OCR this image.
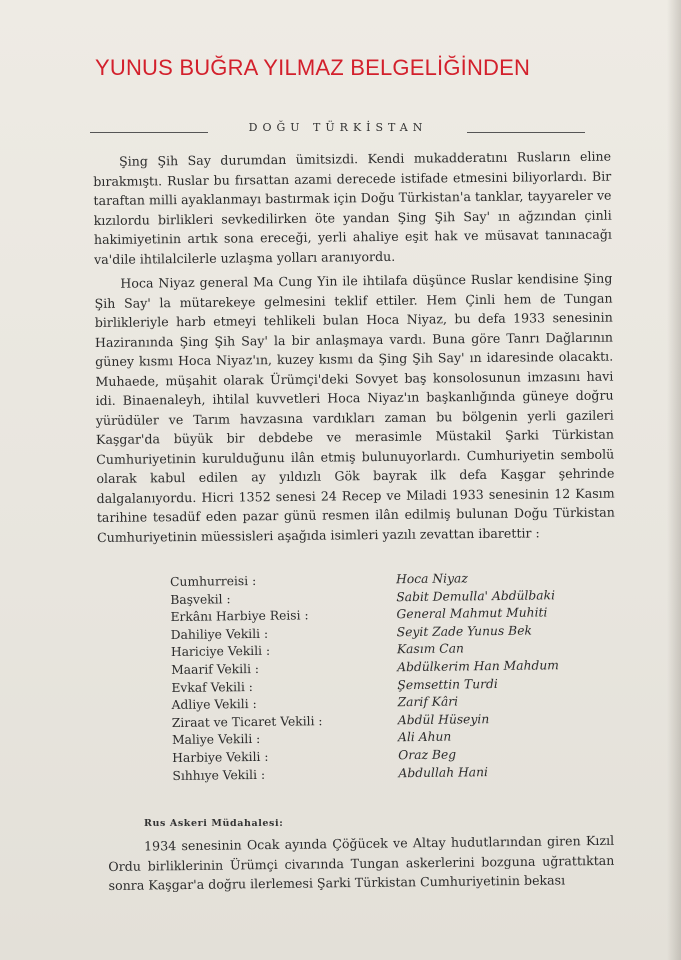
YUNUS BUĞRA YILMAZ BELGELİĞİNDEN
DOĞU TÜRKİSTAN

Şing Şih Say durumdan ümitsizdi. Kendi mukadderatını Rusların eline bırakmıştı. Ruslar bu fırsattan azami derecede istifade etmesini biliyorlardı. Bir taraftan milli ayaklanmayı bastırmak için Doğu Türkistan'a tanklar, tayyareler ve kızılordu birlikleri sevkedilirken öte yandan Şing Şih Say' ın ağzından çinli hakimiyetinin artık sona ereceği, yerli ahaliye eşit hak ve müsavat tanınacağı va'dile ihtilalcilerle uzlaşma yolları aranıyordu.

Hoca Niyaz general Ma Cung Yin ile ihtilafa düşünce Ruslar kendisine Şing Şih Say' la mütarekeye gelmesini teklif ettiler. Hem Çinli hem de Tungan birlikleriyle harb etmeyi tehlikeli bulan Hoca Niyaz, bu defa 1933 senesinin Haziranında Şing Şih Say' la bir anlaşmaya vardı. Buna göre Tanrı Dağlarının güney kısmı Hoca Niyaz'ın, kuzey kısmı da Şing Şih Say' ın idaresinde olacaktı. Muhaede, müşahit olarak Ürümçi'deki Sovyet baş konsolosunun imzasını havi idi. Binaenaleyh, ihtilal kuvvetleri Hoca Niyaz'ın başkanlığında güneye doğru yürüdüler ve Tarım havzasına vardıkları zaman bu bölgenin yerli gazileri Kaşgar'da büyük bir debdebe ve merasimle Müstakil Şarki Türkistan Cumhuriyetinin kurulduğunu ilân etmiş bulunuyorlardı. Cumhuriyetin sembolü olarak kabul edilen ay yıldızlı Gök bayrak ilk defa Kaşgar şehrinde dalgalanıyordu. Hicri 1352 senesi 24 Recep ve Miladi 1933 senesinin 12 Kasım tarihine tesadüf eden pazar günü resmen ilân edilmiş bulunan Doğu Türkistan Cumhuriyetinin müessisleri aşağıda isimleri yazılı zevattan ibarettir :

Cumhurreisi :	Hoca Niyaz
Başvekil :	Sabit Demulla' Abdülbaki
Erkânı Harbiye Reisi :	General Mahmut Muhiti
Dahiliye Vekili :	Seyit Zade Yunus Bek
Hariciye Vekili :	Kasım Can
Maarif Vekili :	Abdülkerim Han Mahdum
Evkaf Vekili :	Şemsettin Turdi
Adliye Vekili :	Zarif Kâri
Ziraat ve Ticaret Vekili :	Abdül Hüseyin
Maliye Vekili :	Ali Ahun
Harbiye Vekili :	Oraz Beg
Sıhhıye Vekili :	Abdullah Hani
Rus Askeri Müdahalesi:

1934 senesinin Ocak ayında Çöğücek ve Altay hudutlarından giren Kızıl Ordu birliklerinin Ürümçi civarında Tungan askerlerini bozguna uğrattıktan sonra Kaşgar'a doğru ilerlemesi Şarki Türkistan Cumhuriyetinin bekası
